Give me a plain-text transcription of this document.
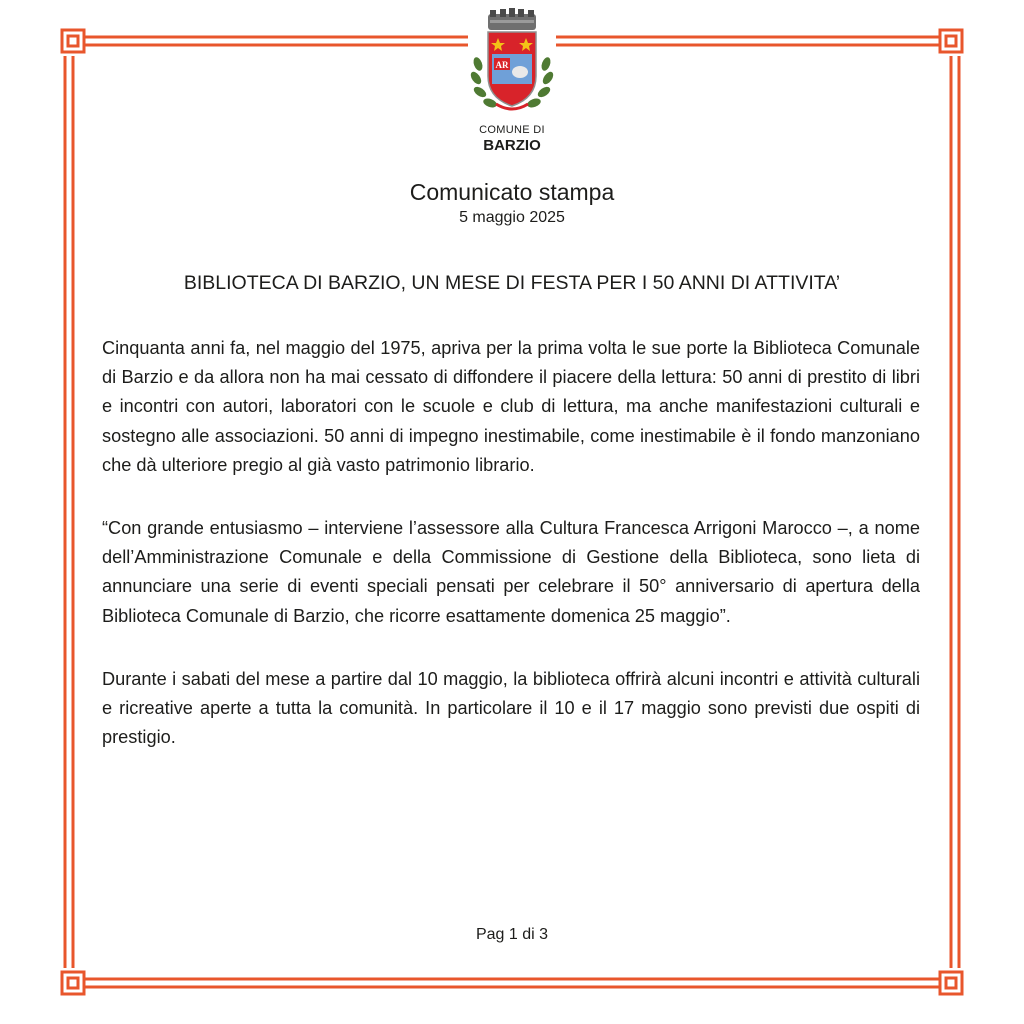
AR
COMUNE DI
BARZIO
Comunicato stampa
5 maggio 2025
BIBLIOTECA DI BARZIO, UN MESE DI FESTA PER I 50 ANNI DI ATTIVITA’

Cinquanta anni fa, nel maggio del 1975, apriva per la prima volta le sue porte la Biblioteca Comunale di Barzio e da allora non ha mai cessato di diffondere il piacere della lettura: 50 anni di prestito di libri e incontri con autori, laboratori con le scuole e club di lettura, ma anche manifestazioni culturali e sostegno alle associazioni. 50 anni di impegno inestimabile, come inestimabile è il fondo manzoniano che dà ulteriore pregio al già vasto patrimonio librario.

“Con grande entusiasmo – interviene l’assessore alla Cultura Francesca Arrigoni Marocco –, a nome dell’Amministrazione Comunale e della Commissione di Gestione della Biblioteca, sono lieta di annunciare una serie di eventi speciali pensati per celebrare il 50° anniversario di apertura della Biblioteca Comunale di Barzio, che ricorre esattamente domenica 25 maggio”.

Durante i sabati del mese a partire dal 10 maggio, la biblioteca offrirà alcuni incontri e attività culturali e ricreative aperte a tutta la comunità. In particolare il 10 e il 17 maggio sono previsti due ospiti di prestigio.

Pag 1 di 3
